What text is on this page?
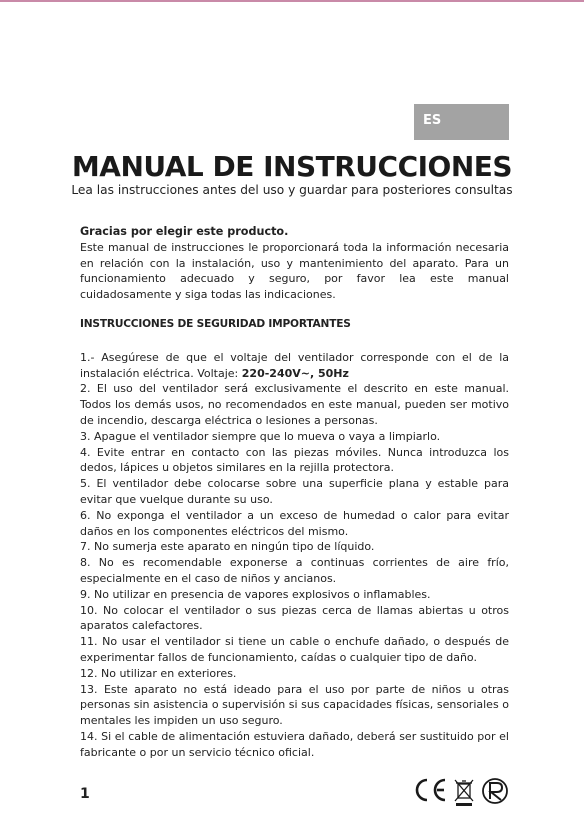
ES
MANUAL DE INSTRUCCIONES
Lea las instrucciones antes del uso y guardar para posteriores consultas

Gracias por elegir este producto.

Este manual de instrucciones le proporcionará toda la información necesaria en relación con la instalación, uso y mantenimiento del aparato. Para un funcionamiento adecuado y seguro, por favor lea este manual cuidadosamente y siga todas las indicaciones.

INSTRUCCIONES DE SEGURIDAD IMPORTANTES

1.- Asegúrese de que el voltaje del ventilador corresponde con el de la instalación eléctrica. Voltaje: 220-240V~, 50Hz

2. El uso del ventilador será exclusivamente el descrito en este manual. Todos los demás usos, no recomendados en este manual, pueden ser motivo de incendio, descarga eléctrica o lesiones a personas.

3. Apague el ventilador siempre que lo mueva o vaya a limpiarlo.

4. Evite entrar en contacto con las piezas móviles. Nunca introduzca los dedos, lápices u objetos similares en la rejilla protectora.

5. El ventilador debe colocarse sobre una superficie plana y estable para evitar que vuelque durante su uso.

6. No exponga el ventilador a un exceso de humedad o calor para evitar daños en los componentes eléctricos del mismo.

7. No sumerja este aparato en ningún tipo de líquido.

8. No es recomendable exponerse a continuas corrientes de aire frío, especialmente en el caso de niños y ancianos.

9. No utilizar en presencia de vapores explosivos o inflamables.

10. No colocar el ventilador o sus piezas cerca de llamas abiertas u otros aparatos calefactores.

11. No usar el ventilador si tiene un cable o enchufe dañado, o después de experimentar fallos de funcionamiento, caídas o cualquier tipo de daño.

12. No utilizar en exteriores.

13. Este aparato no está ideado para el uso por parte de niños u otras personas sin asistencia o supervisión si sus capacidades físicas, sensoriales o mentales les impiden un uso seguro.

14. Si el cable de alimentación estuviera dañado, deberá ser sustituido por el fabricante o por un servicio técnico oficial.

1
